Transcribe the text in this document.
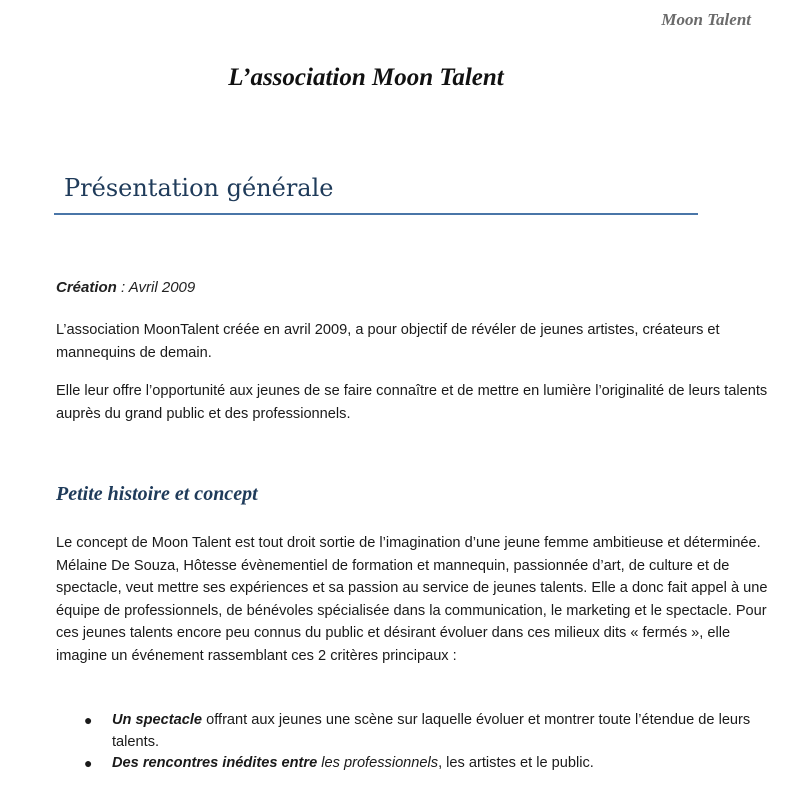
Moon Talent
L’association Moon Talent
Présentation générale
Création : Avril 2009
L’association MoonTalent créée en avril 2009, a pour objectif de révéler de jeunes artistes, créateurs et mannequins de demain.
Elle leur offre l’opportunité aux jeunes de se faire connaître et de mettre en lumière l’originalité de leurs talents auprès du grand public et des professionnels.
Petite histoire et concept
Le concept de Moon Talent est tout droit sortie de l’imagination d’une jeune femme ambitieuse et déterminée. Mélaine De Souza, Hôtesse évènementiel de formation et mannequin, passionnée d’art, de culture et de spectacle, veut mettre ses expériences et sa passion au service de jeunes talents. Elle a donc fait appel à une équipe de professionnels, de bénévoles spécialisée dans la communication, le marketing et le spectacle. Pour ces jeunes talents encore peu connus du public et désirant évoluer dans ces milieux dits « fermés », elle imagine un événement rassemblant ces 2 critères principaux :
● Un spectacle offrant aux jeunes une scène sur laquelle évoluer et montrer toute l’étendue de leurs talents.
● Des rencontres inédites entre les professionnels, les artistes et le public.
